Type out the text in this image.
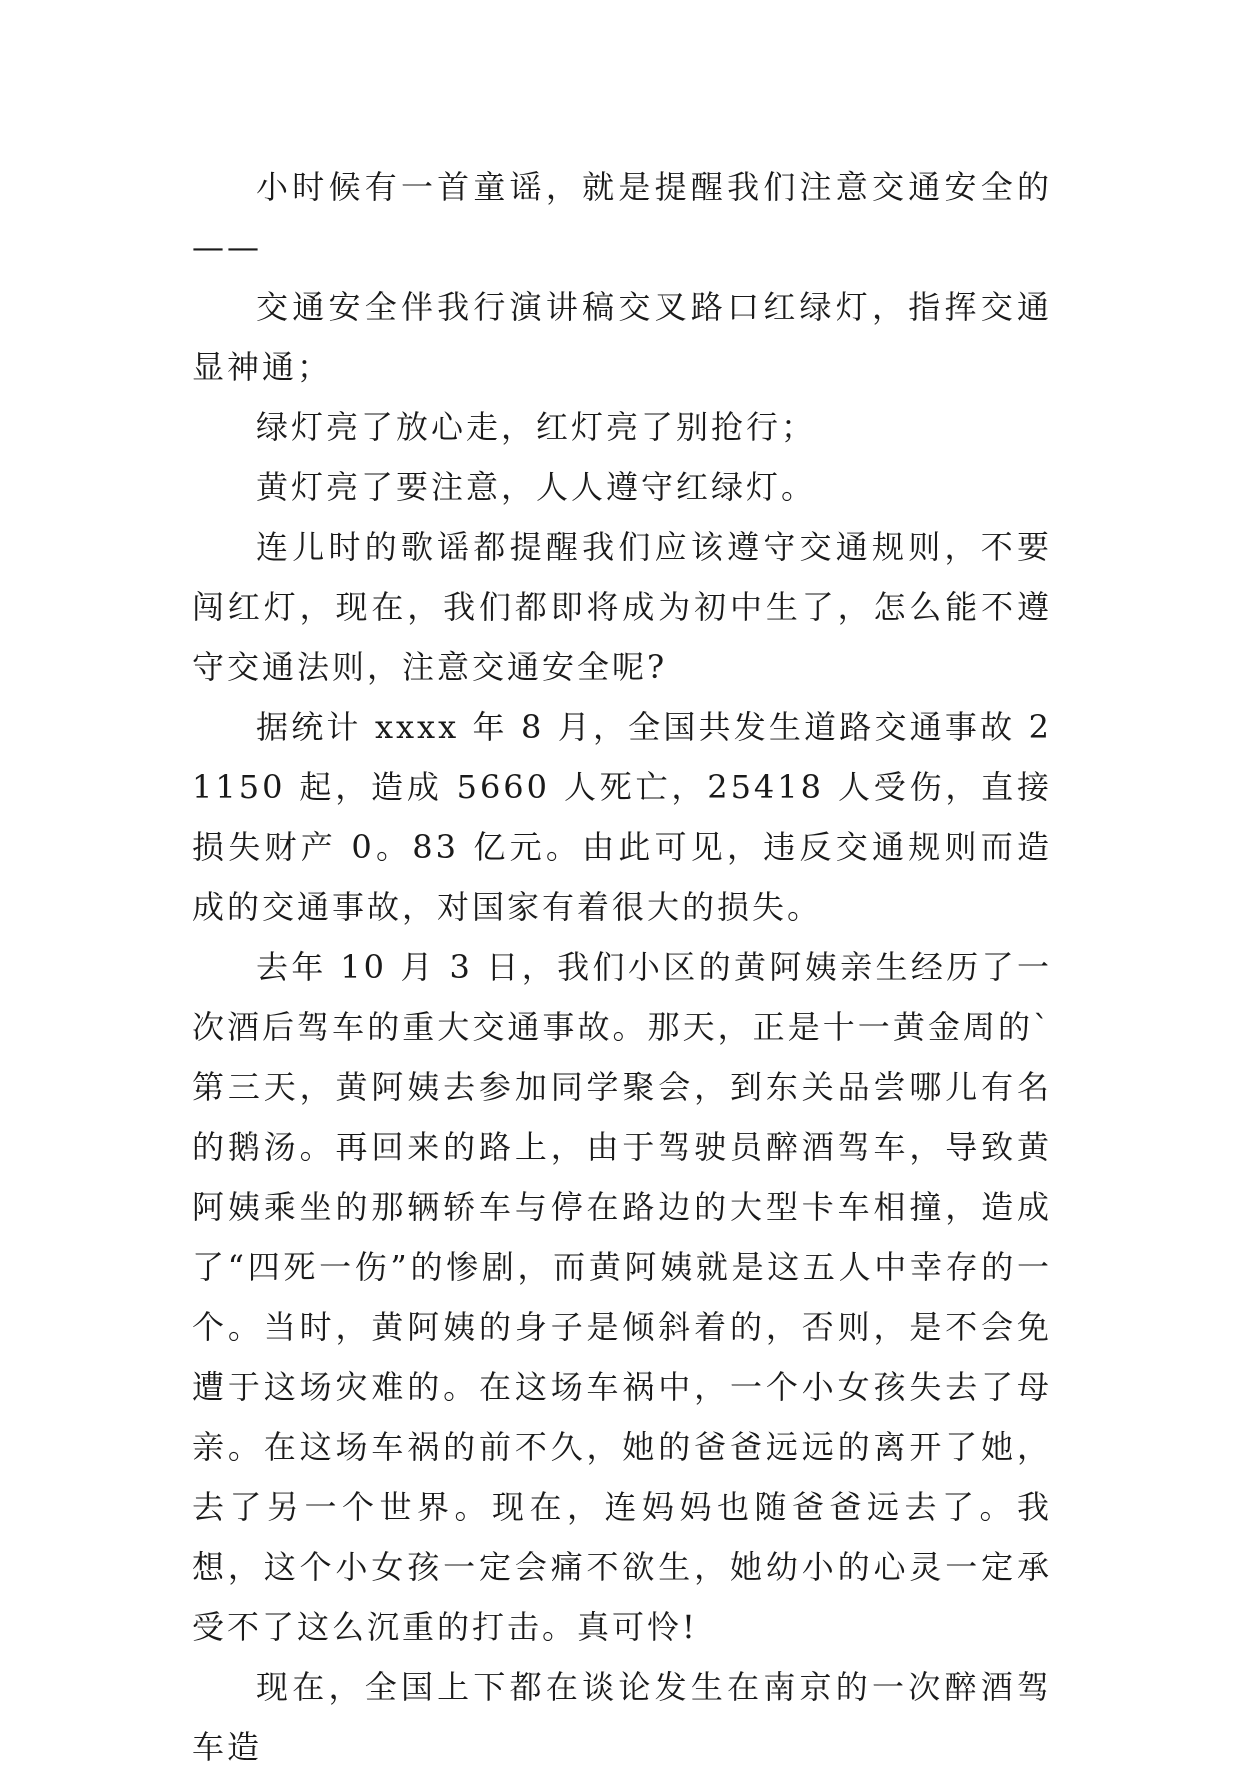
小时候有一首童谣，就是提醒我们注意交通安全的——

交通安全伴我行演讲稿交叉路口红绿灯，指挥交通显神通；

绿灯亮了放心走，红灯亮了别抢行；

黄灯亮了要注意，人人遵守红绿灯。

连儿时的歌谣都提醒我们应该遵守交通规则，不要闯红灯，现在，我们都即将成为初中生了，怎么能不遵守交通法则，注意交通安全呢?

据统计 xxxx 年 8 月，全国共发生道路交通事故 21150 起，造成 5660 人死亡，25418 人受伤，直接损失财产 0。83 亿元。由此可见，违反交通规则而造成的交通事故，对国家有着很大的损失。

去年 10 月 3 日，我们小区的黄阿姨亲生经历了一次酒后驾车的重大交通事故。那天，正是十一黄金周的`第三天，黄阿姨去参加同学聚会，到东关品尝哪儿有名的鹅汤。再回来的路上，由于驾驶员醉酒驾车，导致黄阿姨乘坐的那辆轿车与停在路边的大型卡车相撞，造成了“四死一伤”的惨剧，而黄阿姨就是这五人中幸存的一个。当时，黄阿姨的身子是倾斜着的，否则，是不会免遭于这场灾难的。在这场车祸中，一个小女孩失去了母亲。在这场车祸的前不久，她的爸爸远远的离开了她，去了另一个世界。现在，连妈妈也随爸爸远去了。我想，这个小女孩一定会痛不欲生，她幼小的心灵一定承受不了这么沉重的打击。真可怜!

现在，全国上下都在谈论发生在南京的一次醉酒驾车造
